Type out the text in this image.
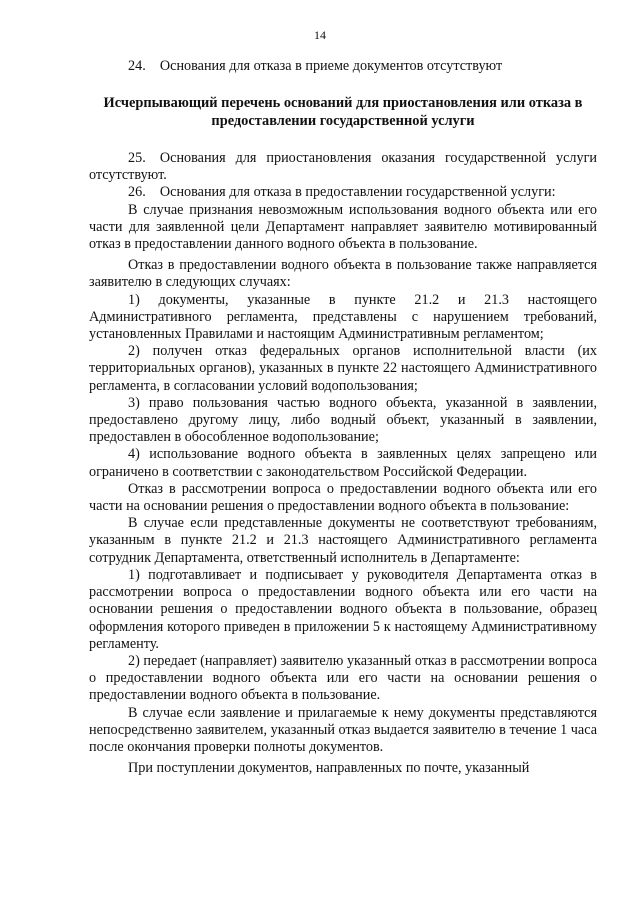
14

24. Основания для отказа в приеме документов отсутствуют

Исчерпывающий перечень оснований для приостановления или отказа в предоставлении государственной услуги

25. Основания для приостановления оказания государственной услуги отсутствуют.

26. Основания для отказа в предоставлении государственной услуги:

В случае признания невозможным использования водного объекта или его части для заявленной цели Департамент направляет заявителю мотивированный отказ в предоставлении данного водного объекта в пользование.

Отказ в предоставлении водного объекта в пользование также направляется заявителю в следующих случаях:

1) документы, указанные в пункте 21.2 и 21.3 настоящего Административного регламента, представлены с нарушением требований, установленных Правилами и настоящим Административным регламентом;

2) получен отказ федеральных органов исполнительной власти (их территориальных органов), указанных в пункте 22 настоящего Административного регламента, в согласовании условий водопользования;

3) право пользования частью водного объекта, указанной в заявлении, предоставлено другому лицу, либо водный объект, указанный в заявлении, предоставлен в обособленное водопользование;

4) использование водного объекта в заявленных целях запрещено или ограничено в соответствии с законодательством Российской Федерации.

Отказ в рассмотрении вопроса о предоставлении водного объекта или его части на основании решения о предоставлении водного объекта в пользование:

В случае если представленные документы не соответствуют требованиям, указанным в пункте 21.2 и 21.3 настоящего Административного регламента сотрудник Департамента, ответственный исполнитель в Департаменте:

1) подготавливает и подписывает у руководителя Департамента отказ в рассмотрении вопроса о предоставлении водного объекта или его части на основании решения о предоставлении водного объекта в пользование, образец оформления которого приведен в приложении 5 к настоящему Административному регламенту.

2) передает (направляет) заявителю указанный отказ в рассмотрении вопроса о предоставлении водного объекта или его части на основании решения о предоставлении водного объекта в пользование.

В случае если заявление и прилагаемые к нему документы представляются непосредственно заявителем, указанный отказ выдается заявителю в течение 1 часа после окончания проверки полноты документов.

При поступлении документов, направленных по почте, указанный
